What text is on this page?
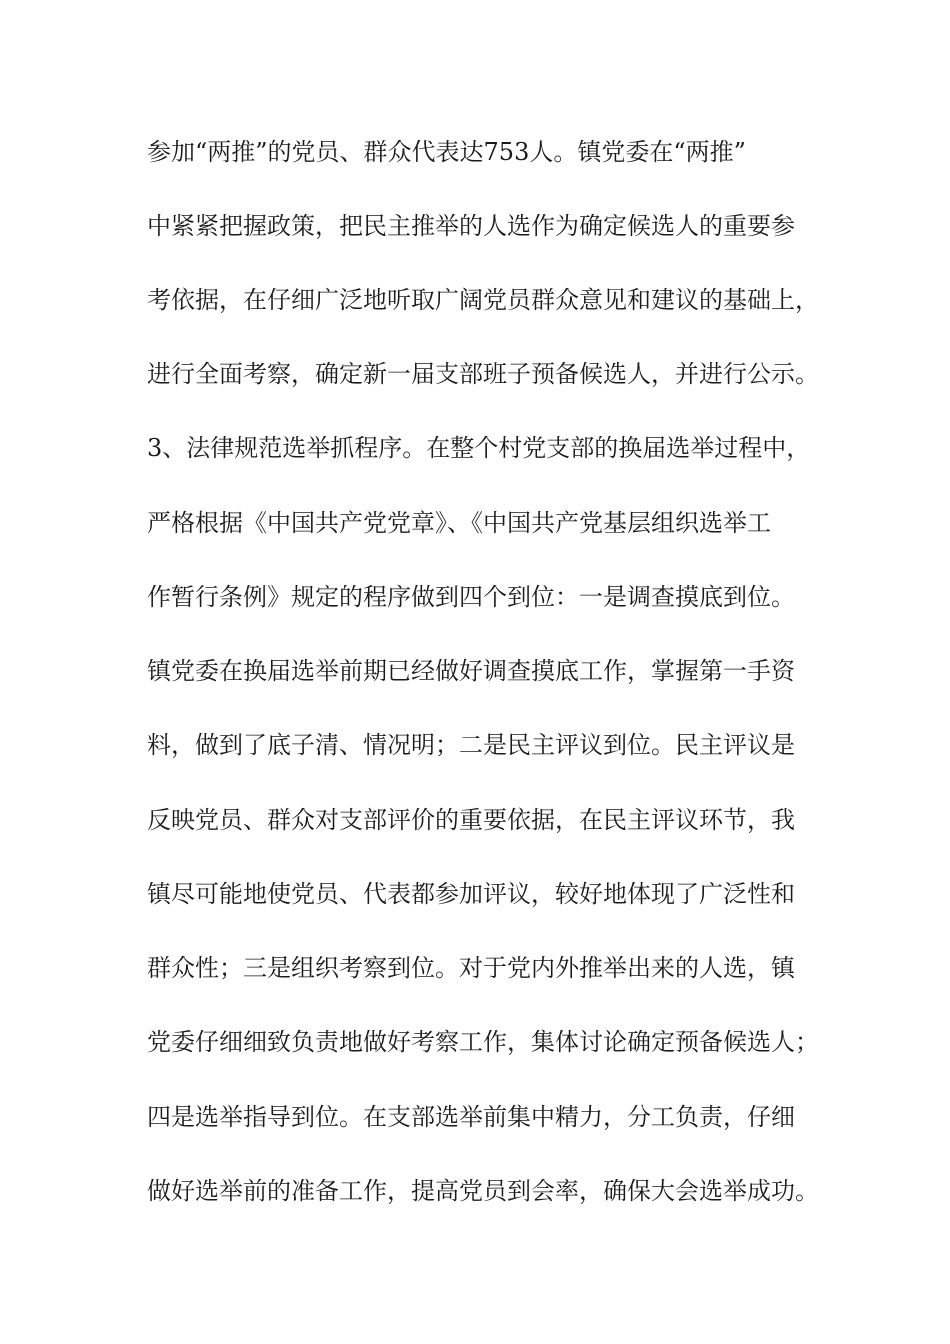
参加“两推”的党员、群众代表达753人。镇党委在“两推”
中紧紧把握政策，把民主推举的人选作为确定候选人的重要参
考依据，在仔细广泛地听取广阔党员群众意见和建议的基础上，
进行全面考察，确定新一届支部班子预备候选人，并进行公示。
3、法律规范选举抓程序。在整个村党支部的换届选举过程中，
严格根据《中国共产党党章》、《中国共产党基层组织选举工
作暂行条例》规定的程序做到四个到位：一是调查摸底到位。
镇党委在换届选举前期已经做好调查摸底工作，掌握第一手资
料，做到了底子清、情况明；二是民主评议到位。民主评议是
反映党员、群众对支部评价的重要依据，在民主评议环节，我
镇尽可能地使党员、代表都参加评议，较好地体现了广泛性和
群众性；三是组织考察到位。对于党内外推举出来的人选，镇
党委仔细细致负责地做好考察工作，集体讨论确定预备候选人；
四是选举指导到位。在支部选举前集中精力，分工负责，仔细
做好选举前的准备工作，提高党员到会率，确保大会选举成功。
